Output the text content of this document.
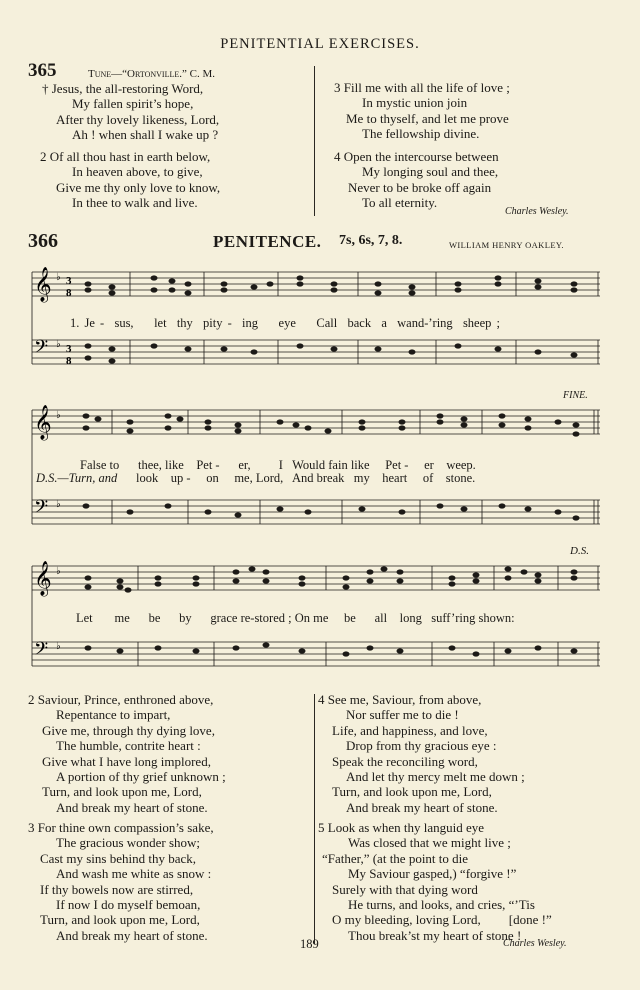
PENITENTIAL EXERCISES.
365	Tune—“Ortonville.” C. M.
† Jesus, the all-restoring Word,
My fallen spirit’s hope,
After thy lovely likeness, Lord,
Ah ! when shall I wake up ?
2 Of all thou hast in earth below,
In heaven above, to give,
Give me thy only love to know,
In thee to walk and live.
3 Fill me with all the life of love ;
In mystic union join
Me to thyself, and let me prove
The fellowship divine.
4 Open the intercourse between
My longing soul and thee,
Never to be broke off again
To all eternity.
Charles Wesley.
366	PENITENCE. 7s, 6s, 7, 8.	WILLIAM HENRY OAKLEY.
𝄞
𝄢
♭
♭
3
8
3
8
1. Je - sus, let thy pity - ing eye Call back a wand-’ring sheep ;
FINE.
𝄞
𝄢
♭
♭
False to thee, like Pet - er, I Would fain like Pet - er weep.
D.S.—Turn, and look up - on me, Lord, And break my heart of stone.
D.S.
𝄞
𝄢
♭
♭
Let me be by grace re-stored ; On me be all long suff’ring shown:
2 Saviour, Prince, enthroned above,
Repentance to impart,
Give me, through thy dying love,
The humble, contrite heart :
Give what I have long implored,
A portion of thy grief unknown ;
Turn, and look upon me, Lord,
And break my heart of stone.
3 For thine own compassion’s sake,
The gracious wonder show;
Cast my sins behind thy back,
And wash me white as snow :
If thy bowels now are stirred,
If now I do myself bemoan,
Turn, and look upon me, Lord,
And break my heart of stone.
4 See me, Saviour, from above,
Nor suffer me to die !
Life, and happiness, and love,
Drop from thy gracious eye :
Speak the reconciling word,
And let thy mercy melt me down ;
Turn, and look upon me, Lord,
And break my heart of stone.
5 Look as when thy languid eye
Was closed that we might live ;
“Father,” (at the point to die
My Saviour gasped,) “forgive !”
Surely with that dying word
He turns, and looks, and cries, “’Tis
O my bleeding, loving Lord, [done !”
Thou break’st my heart of stone !
189	Charles Wesley.
